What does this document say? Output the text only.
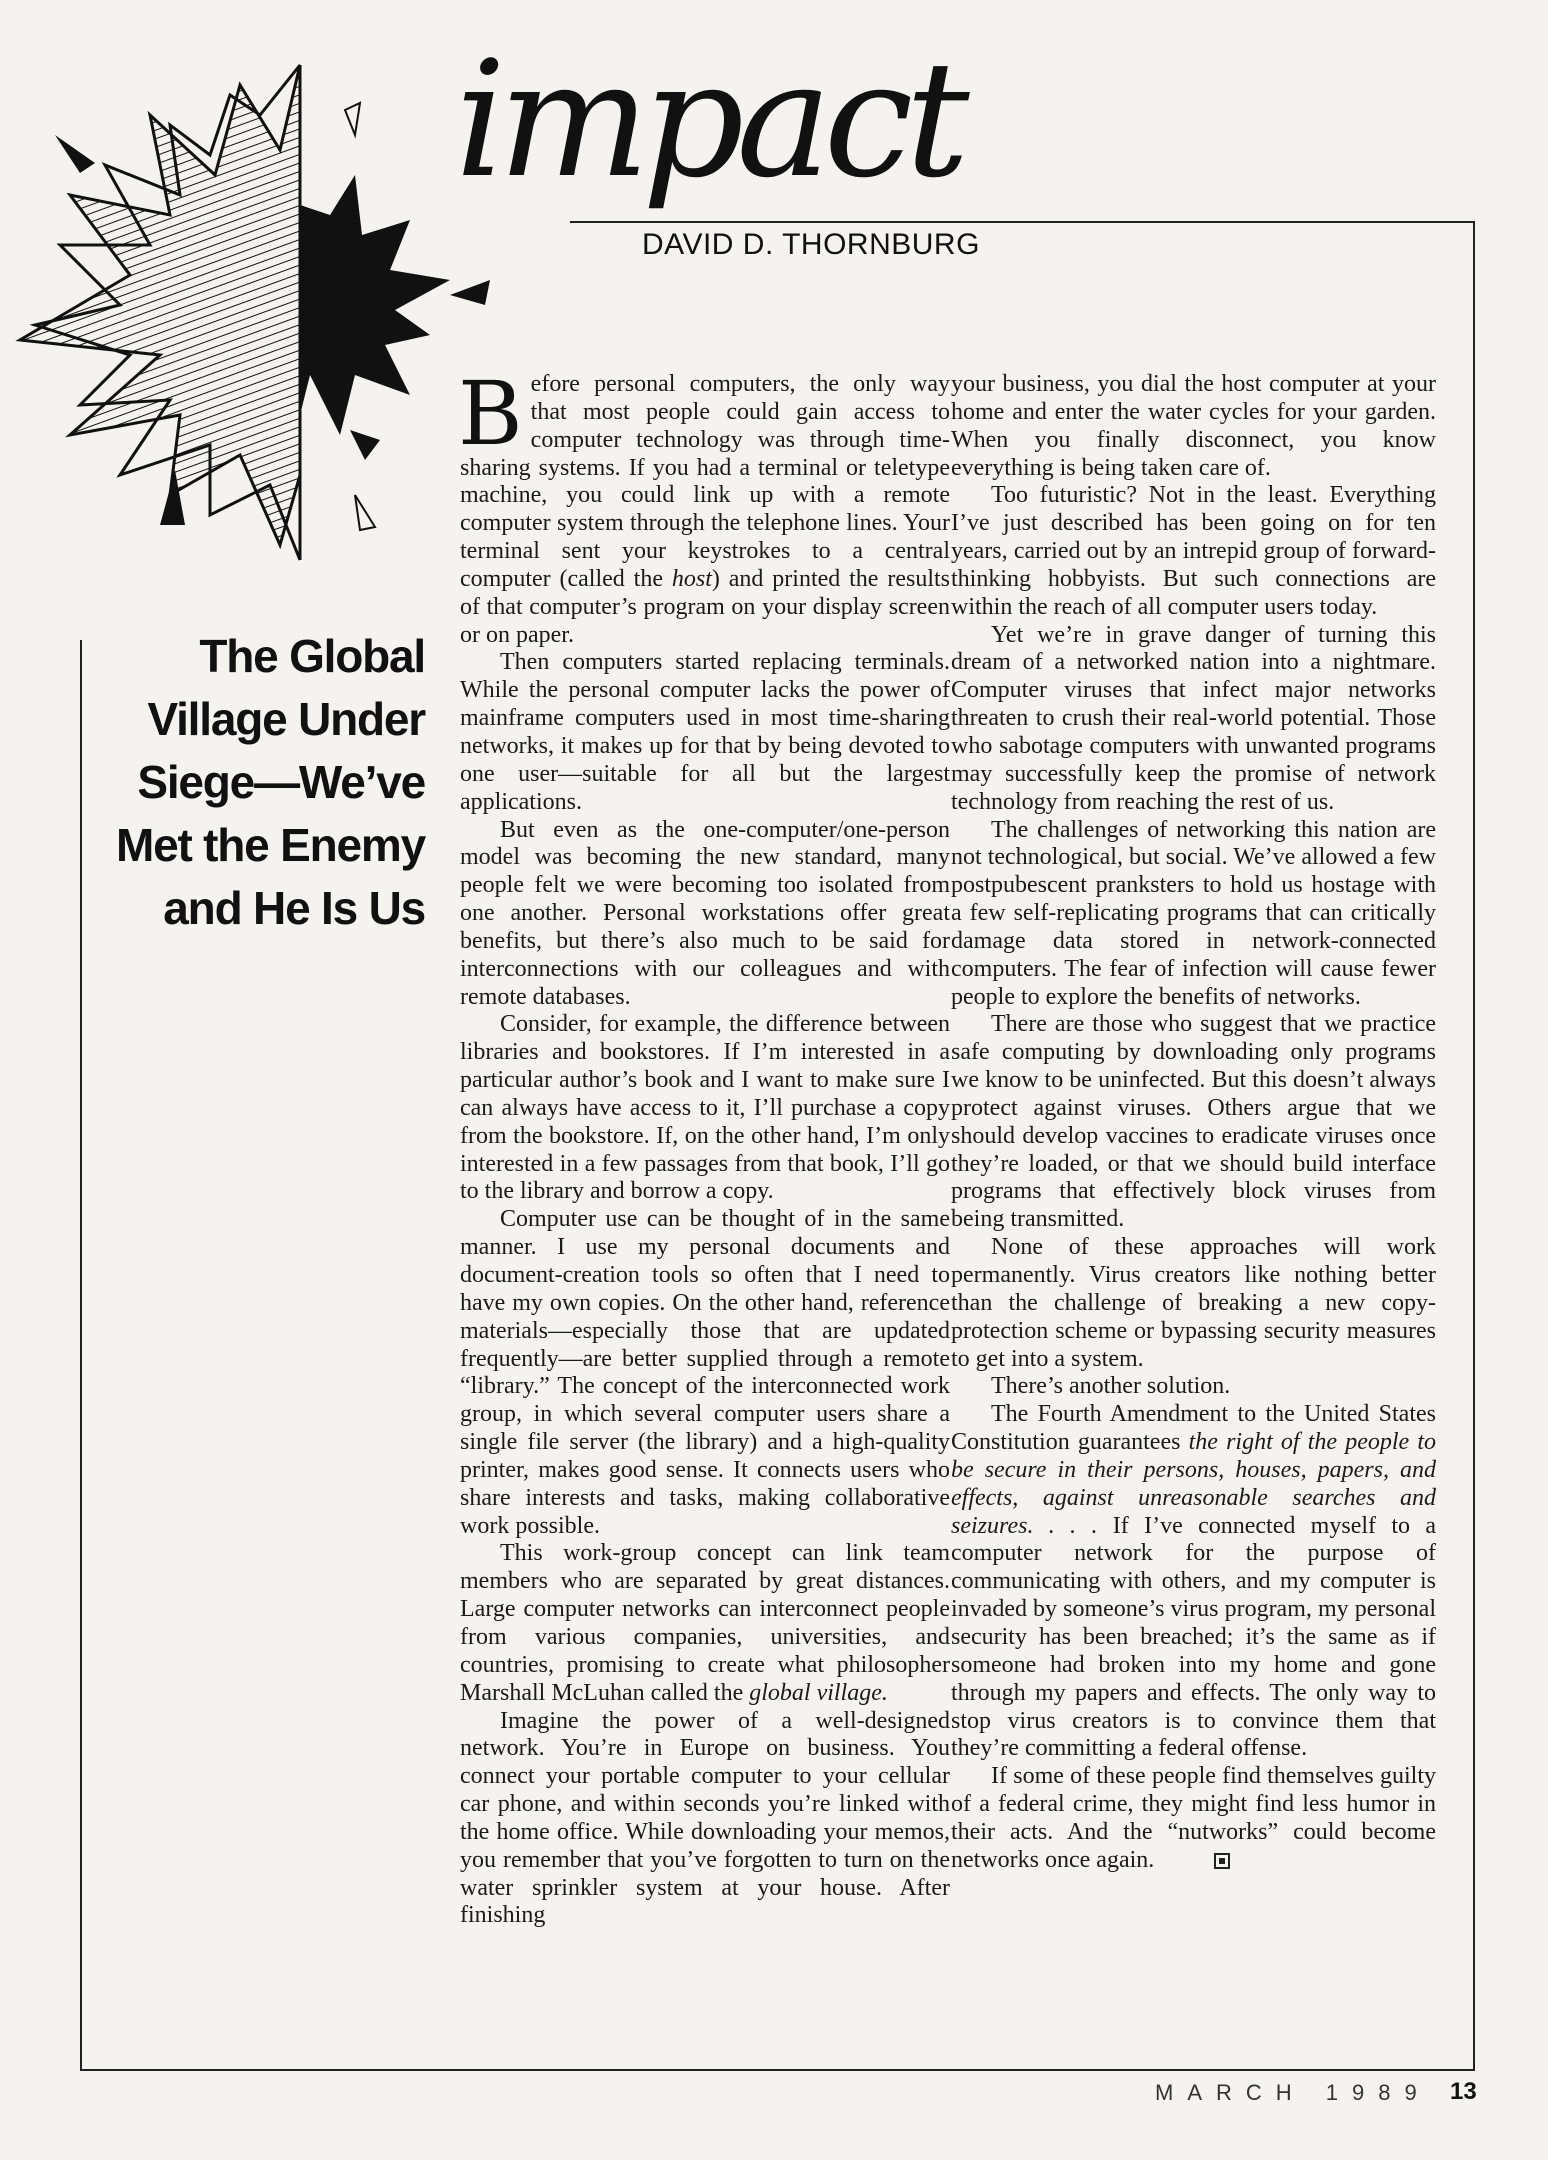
impact
DAVID D. THORNBURG
The Global
Village Under
Siege—We’ve
Met the Enemy
and He Is Us

Before personal computers, the only way that most people could gain access to computer technology was through time-sharing systems. If you had a terminal or teletype machine, you could link up with a remote computer system through the telephone lines. Your terminal sent your keystrokes to a central computer (called the host) and printed the results of that computer’s program on your display screen or on paper.

Then computers started replacing terminals. While the personal computer lacks the power of mainframe computers used in most time-sharing networks, it makes up for that by being devoted to one user—suitable for all but the largest applications.

But even as the one-computer/one-person model was becoming the new standard, many people felt we were becoming too isolated from one another. Personal workstations offer great benefits, but there’s also much to be said for interconnections with our colleagues and with remote databases.

Consider, for example, the difference between libraries and bookstores. If I’m interested in a particular author’s book and I want to make sure I can always have access to it, I’ll purchase a copy from the bookstore. If, on the other hand, I’m only interested in a few passages from that book, I’ll go to the library and borrow a copy.

Computer use can be thought of in the same manner. I use my personal documents and document-creation tools so often that I need to have my own copies. On the other hand, reference materials—especially those that are updated frequently—are better supplied through a remote “library.” The concept of the interconnected work group, in which several computer users share a single file server (the library) and a high-quality printer, makes good sense. It connects users who share interests and tasks, making collaborative work possible.

This work-group concept can link team members who are separated by great distances. Large computer networks can interconnect people from various companies, universities, and countries, promising to create what philosopher Marshall McLuhan called the global village.

Imagine the power of a well-designed network. You’re in Europe on business. You connect your portable computer to your cellular car phone, and within seconds you’re linked with the home office. While downloading your memos, you remember that you’ve forgotten to turn on the water sprinkler system at your house. After finishing

your business, you dial the host computer at your home and enter the water cycles for your garden. When you finally disconnect, you know everything is being taken care of.

Too futuristic? Not in the least. Everything I’ve just described has been going on for ten years, carried out by an intrepid group of forward-thinking hobbyists. But such connections are within the reach of all computer users today.

Yet we’re in grave danger of turning this dream of a networked nation into a nightmare. Computer viruses that infect major networks threaten to crush their real-world potential. Those who sabotage computers with unwanted programs may successfully keep the promise of network technology from reaching the rest of us.

The challenges of networking this nation are not technological, but social. We’ve allowed a few postpubescent pranksters to hold us hostage with a few self-replicating programs that can critically damage data stored in network-connected computers. The fear of infection will cause fewer people to explore the benefits of networks.

There are those who suggest that we practice safe computing by downloading only programs we know to be uninfected. But this doesn’t always protect against viruses. Others argue that we should develop vaccines to eradicate viruses once they’re loaded, or that we should build interface programs that effectively block viruses from being transmitted.

None of these approaches will work permanently. Virus creators like nothing better than the challenge of breaking a new copy-protection scheme or bypassing security measures to get into a system.

There’s another solution.

The Fourth Amendment to the United States Constitution guarantees the right of the people to be secure in their persons, houses, papers, and effects, against unreasonable searches and seizures. . . . If I’ve connected myself to a computer network for the purpose of communicating with others, and my computer is invaded by someone’s virus program, my personal security has been breached; it’s the same as if someone had broken into my home and gone through my papers and effects. The only way to stop virus creators is to convince them that they’re committing a federal offense.

If some of these people find themselves guilty of a federal crime, they might find less humor in their acts. And the “nutworks” could become networks once again.

MARCH 1989 13
